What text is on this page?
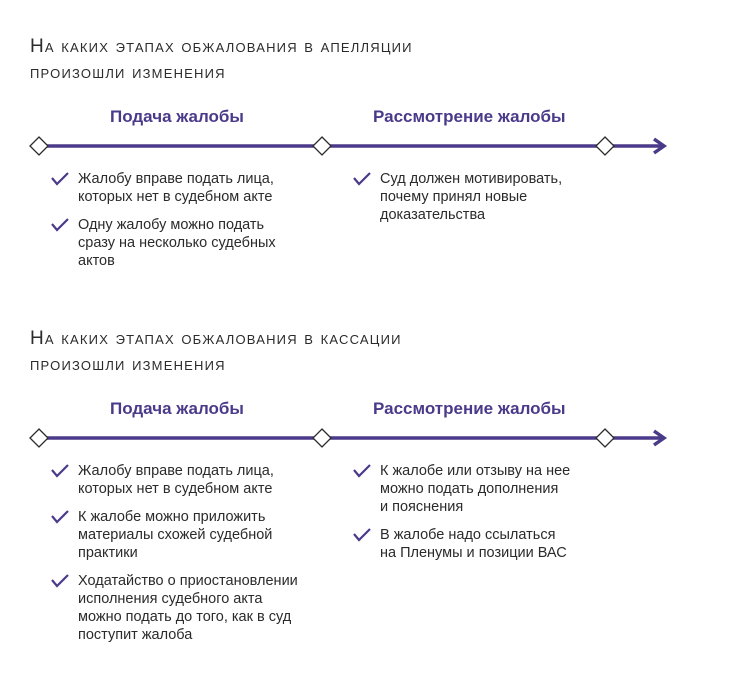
На каких этапах обжалования в апелляции
произошли изменения
Подача жалобы	Рассмотрение жалобы
Жалобу вправе подать лица,
которых нет в судебном акте
Одну жалобу можно подать
сразу на несколько судебных
актов
Суд должен мотивировать,
почему принял новые
доказательства
На каких этапах обжалования в кассации
произошли изменения
Подача жалобы	Рассмотрение жалобы
Жалобу вправе подать лица,
которых нет в судебном акте
К жалобе можно приложить
материалы схожей судебной
практики
Ходатайство о приостановлении
исполнения судебного акта
можно подать до того, как в суд
поступит жалоба
К жалобе или отзыву на нее
можно подать дополнения
и пояснения
В жалобе надо ссылаться
на Пленумы и позиции ВАС
